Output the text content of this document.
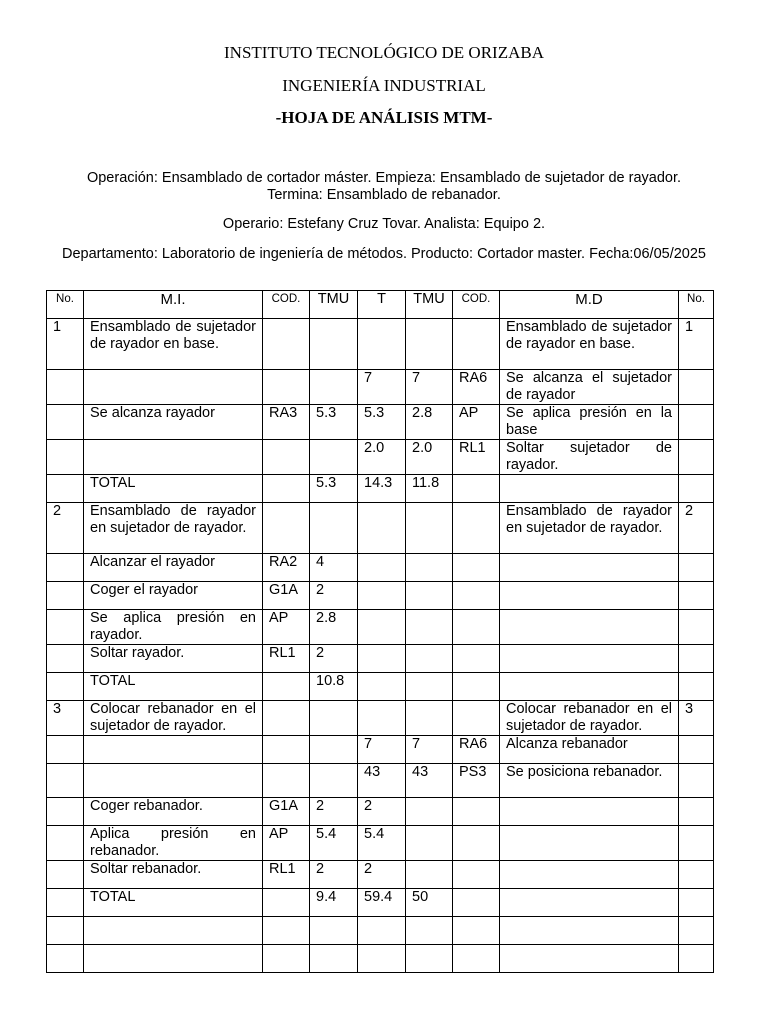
INSTITUTO TECNOLÓGICO DE ORIZABA
INGENIERÍA INDUSTRIAL
-HOJA DE ANÁLISIS MTM-
Operación: Ensamblado de cortador máster. Empieza: Ensamblado de sujetador de rayador. Termina: Ensamblado de rebanador.
Operario: Estefany Cruz Tovar. Analista: Equipo 2.
Departamento: Laboratorio de ingeniería de métodos. Producto: Cortador master. Fecha:06/05/2025
No.	M.I.	COD.	TMU	T	TMU	COD.	M.D	No.
1	Ensamblado de sujetador de rayador en base.						Ensamblado de sujetador de rayador en base.	1
				7	7	RA6	Se alcanza el sujetador de rayador	
	Se alcanza rayador	RA3	5.3	5.3	2.8	AP	Se aplica presión en la base	
				2.0	2.0	RL1	Soltar sujetador de rayador.	
	TOTAL		5.3	14.3	11.8			
2	Ensamblado de rayador en sujetador de rayador.						Ensamblado de rayador en sujetador de rayador.	2
	Alcanzar el rayador	RA2	4					
	Coger el rayador	G1A	2					
	Se aplica presión en rayador.	AP	2.8					
	Soltar rayador.	RL1	2					
	TOTAL		10.8					
3	Colocar rebanador en el sujetador de rayador.						Colocar rebanador en el sujetador de rayador.	3
				7	7	RA6	Alcanza rebanador	
				43	43	PS3	Se posiciona rebanador.	
	Coger rebanador.	G1A	2	2				
	Aplica presión en rebanador.	AP	5.4	5.4				
	Soltar rebanador.	RL1	2	2				
	TOTAL		9.4	59.4	50			
